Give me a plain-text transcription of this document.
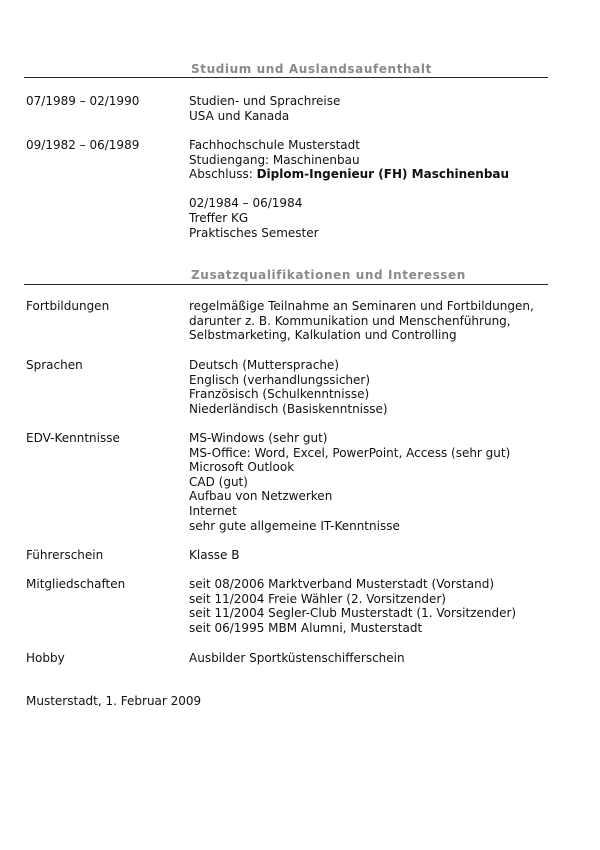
Studium und Auslandsaufenthalt
07/1989 – 02/1990	Studien- und Sprachreise
USA und Kanada
09/1982 – 06/1989	Fachhochschule Musterstadt
Studiengang: Maschinenbau
Abschluss: Diplom-Ingenieur (FH) Maschinenbau
02/1984 – 06/1984
Treffer KG
Praktisches Semester
Zusatzqualifikationen und Interessen
Fortbildungen	regelmäßige Teilnahme an Seminaren und Fortbildungen,
darunter z. B. Kommunikation und Menschenführung,
Selbstmarketing, Kalkulation und Controlling
Sprachen	Deutsch (Muttersprache)
Englisch (verhandlungssicher)
Französisch (Schulkenntnisse)
Niederländisch (Basiskenntnisse)
EDV-Kenntnisse	MS-Windows (sehr gut)
MS-Office: Word, Excel, PowerPoint, Access (sehr gut)
Microsoft Outlook
CAD (gut)
Aufbau von Netzwerken
Internet
sehr gute allgemeine IT-Kenntnisse
Führerschein	Klasse B
Mitgliedschaften	seit 08/2006 Marktverband Musterstadt (Vorstand)
seit 11/2004 Freie Wähler (2. Vorsitzender)
seit 11/2004 Segler-Club Musterstadt (1. Vorsitzender)
seit 06/1995 MBM Alumni, Musterstadt
Hobby	Ausbilder Sportküstenschifferschein
Musterstadt, 1. Februar 2009
